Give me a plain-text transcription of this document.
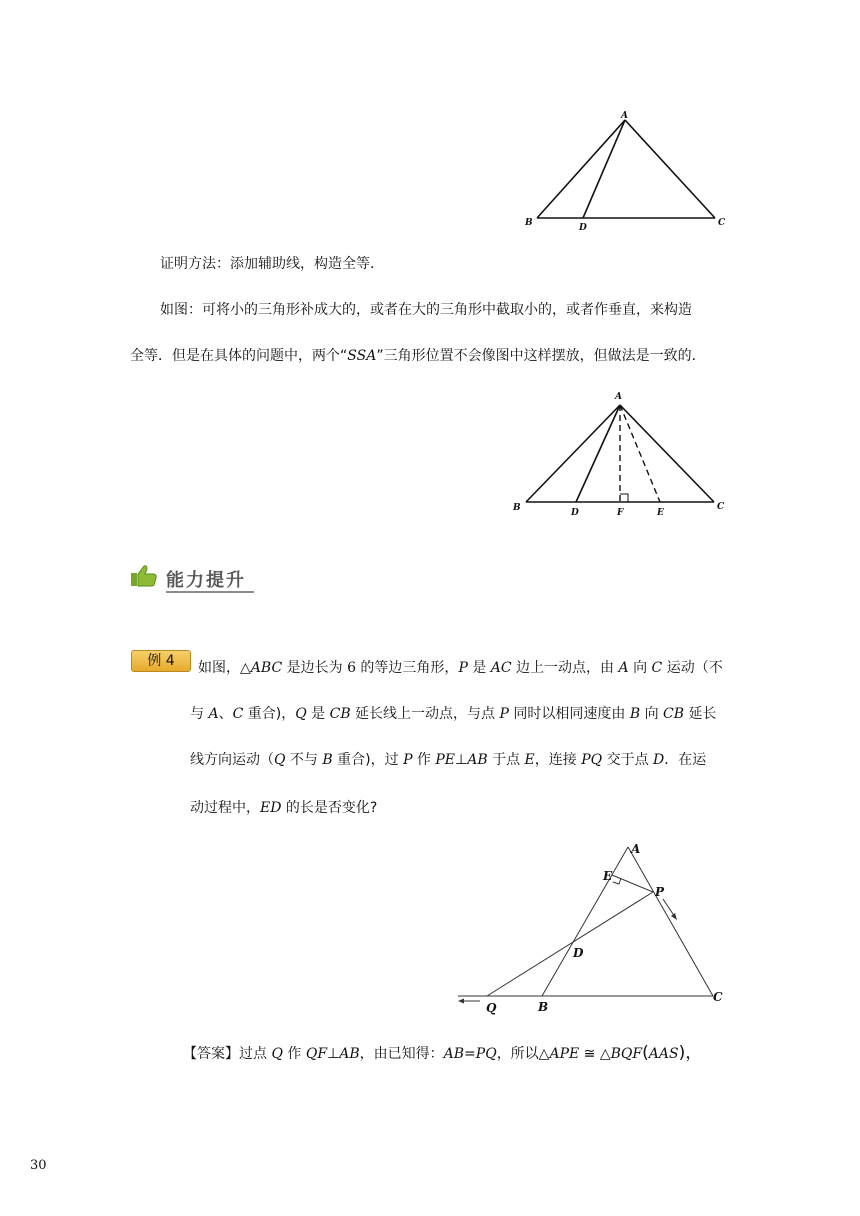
A
B	C
D
证明方法：添加辅助线，构造全等．
如图：可将小的三角形补成大的，或者在大的三角形中截取小的，或者作垂直，来构造
全等．但是在具体的问题中，两个“SSA”三角形位置不会像图中这样摆放，但做法是一致的．
A
B	C
D	F	E
能力提升
例 4	如图，△ABC 是边长为 6 的等边三角形，P 是 AC 边上一动点，由 A 向 C 运动（不
与 A、C 重合)，Q 是 CB 延长线上一动点，与点 P 同时以相同速度由 B 向 CB 延长
线方向运动（Q 不与 B 重合)，过 P 作 PE⊥AB 于点 E，连接 PQ 交于点 D．在运
动过程中，ED 的长是否变化?
A
E
P
D
B
Q
C
【答案】过点 Q 作 QF⊥AB，由已知得：AB=PQ，所以△APE ≅ △BQF(AAS)，
30
